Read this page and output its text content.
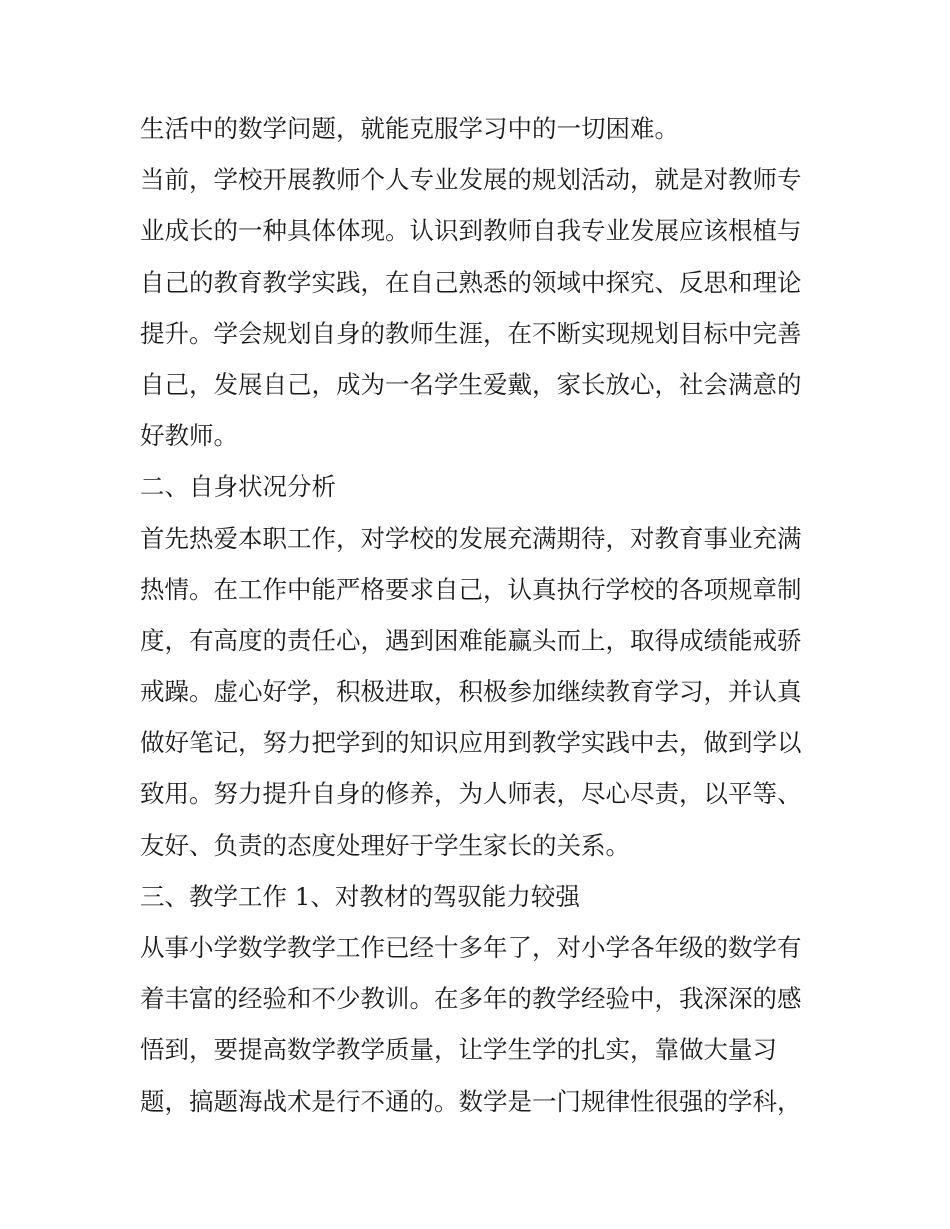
生活中的数学问题，就能克服学习中的一切困难。
当前，学校开展教师个人专业发展的规划活动，就是对教师专
业成长的一种具体体现。认识到教师自我专业发展应该根植与
自己的教育教学实践，在自己熟悉的领域中探究、反思和理论
提升。学会规划自身的教师生涯，在不断实现规划目标中完善
自己，发展自己，成为一名学生爱戴，家长放心，社会满意的
好教师。
二、自身状况分析
首先热爱本职工作，对学校的发展充满期待，对教育事业充满
热情。在工作中能严格要求自己，认真执行学校的各项规章制
度，有高度的责任心，遇到困难能赢头而上，取得成绩能戒骄
戒躁。虚心好学，积极进取，积极参加继续教育学习，并认真
做好笔记，努力把学到的知识应用到教学实践中去，做到学以
致用。努力提升自身的修养，为人师表，尽心尽责，以平等、
友好、负责的态度处理好于学生家长的关系。
三、教学工作 1、对教材的驾驭能力较强
从事小学数学教学工作已经十多年了，对小学各年级的数学有
着丰富的经验和不少教训。在多年的教学经验中，我深深的感
悟到，要提高数学教学质量，让学生学的扎实，靠做大量习
题，搞题海战术是行不通的。数学是一门规律性很强的学科，
